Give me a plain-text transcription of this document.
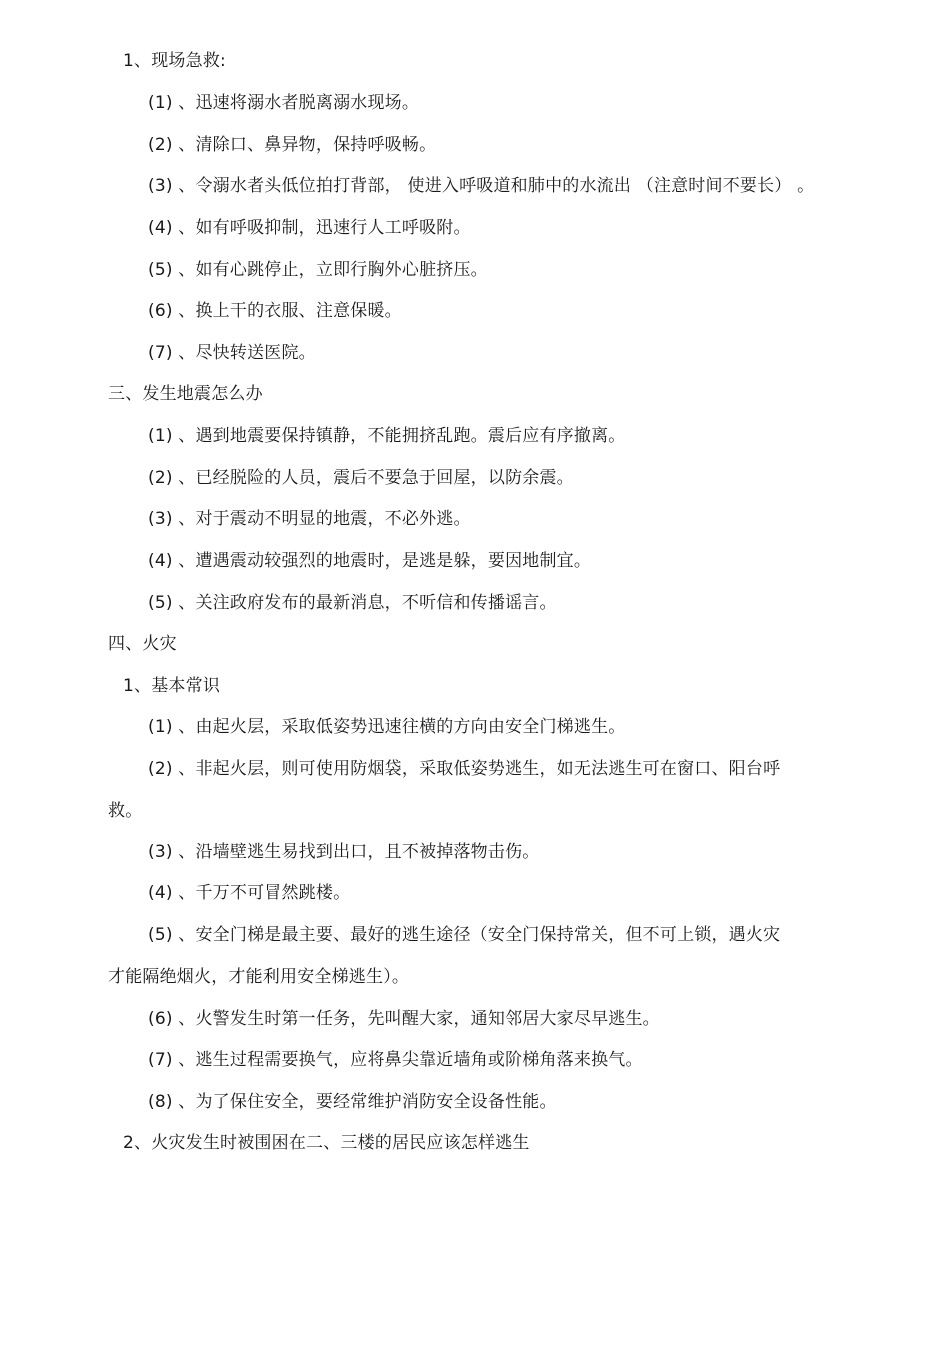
1、现场急救:
(1) 、迅速将溺水者脱离溺水现场。
(2) 、清除口、鼻异物，保持呼吸畅。
(3) 、令溺水者头低位拍打背部， 使进入呼吸道和肺中的水流出 （注意时间不要长） 。
(4) 、如有呼吸抑制，迅速行人工呼吸附。
(5) 、如有心跳停止，立即行胸外心脏挤压。
(6) 、换上干的衣服、注意保暖。
(7) 、尽快转送医院。
三、发生地震怎么办
(1) 、遇到地震要保持镇静，不能拥挤乱跑。震后应有序撤离。
(2) 、已经脱险的人员，震后不要急于回屋，以防余震。
(3) 、对于震动不明显的地震，不必外逃。
(4) 、遭遇震动较强烈的地震时，是逃是躲，要因地制宜。
(5) 、关注政府发布的最新消息，不听信和传播谣言。
四、火灾
1、基本常识
(1) 、由起火层，采取低姿势迅速往横的方向由安全门梯逃生。
(2) 、非起火层，则可使用防烟袋，采取低姿势逃生，如无法逃生可在窗口、阳台呼
救。
(3) 、沿墙壁逃生易找到出口，且不被掉落物击伤。
(4) 、千万不可冒然跳楼。
(5) 、安全门梯是最主要、最好的逃生途径（安全门保持常关，但不可上锁，遇火灾
才能隔绝烟火，才能利用安全梯逃生）。
(6) 、火警发生时第一任务，先叫醒大家，通知邻居大家尽早逃生。
(7) 、逃生过程需要换气，应将鼻尖靠近墙角或阶梯角落来换气。
(8) 、为了保住安全，要经常维护消防安全设备性能。
2、火灾发生时被围困在二、三楼的居民应该怎样逃生
